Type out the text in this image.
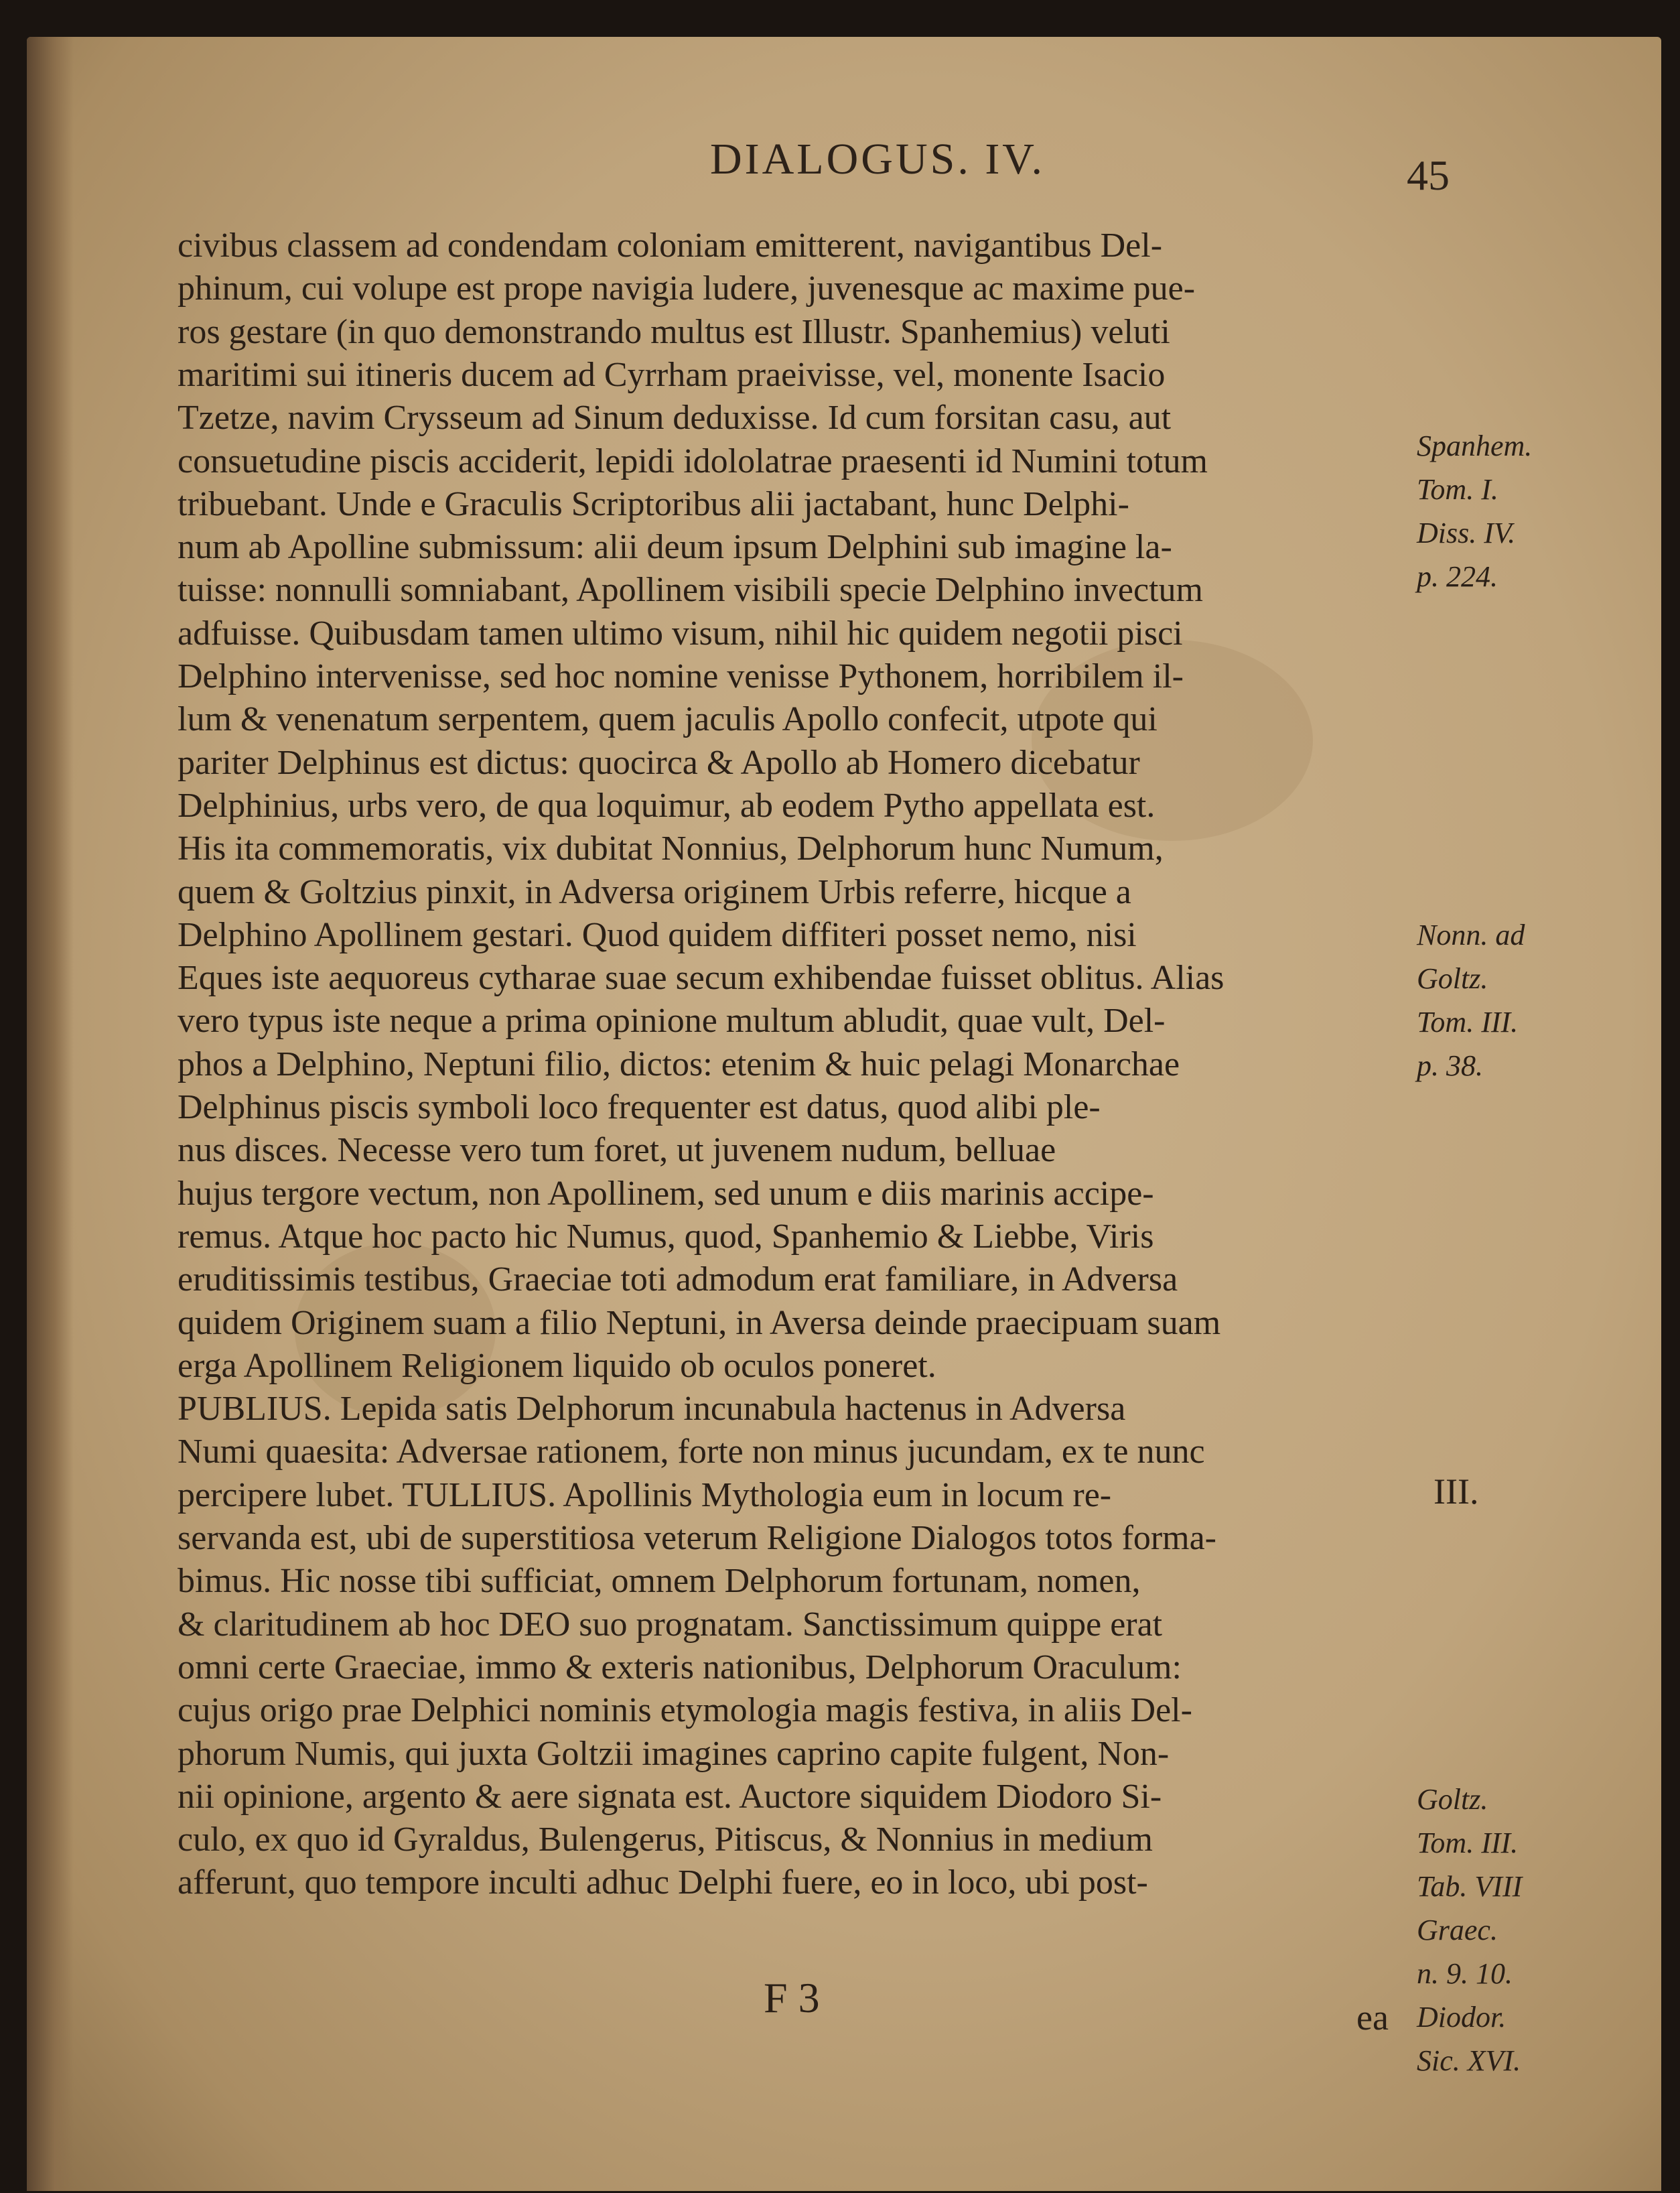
DIALOGUS. IV.	45
civibus classem ad condendam coloniam emitterent, navigantibus Del-
phinum, cui volupe est prope navigia ludere, juvenesque ac maxime pue-
ros gestare (in quo demonstrando multus est Illustr. Spanhemius) veluti
maritimi sui itineris ducem ad Cyrrham praeivisse, vel, monente Isacio
Tzetze, navim Crysseum ad Sinum deduxisse. Id cum forsitan casu, aut
consuetudine piscis acciderit, lepidi idololatrae praesenti id Numini totum
tribuebant. Unde e Graculis Scriptoribus alii jactabant, hunc Delphi-
num ab Apolline submissum: alii deum ipsum Delphini sub imagine la-
tuisse: nonnulli somniabant, Apollinem visibili specie Delphino invectum
adfuisse. Quibusdam tamen ultimo visum, nihil hic quidem negotii pisci
Delphino intervenisse, sed hoc nomine venisse Pythonem, horribilem il-
lum & venenatum serpentem, quem jaculis Apollo confecit, utpote qui
pariter Delphinus est dictus: quocirca & Apollo ab Homero dicebatur
Delphinius, urbs vero, de qua loquimur, ab eodem Pytho appellata est.
His ita commemoratis, vix dubitat Nonnius, Delphorum hunc Numum,
quem & Goltzius pinxit, in Adversa originem Urbis referre, hicque a
Delphino Apollinem gestari. Quod quidem diffiteri posset nemo, nisi
Eques iste aequoreus cytharae suae secum exhibendae fuisset oblitus. Alias
vero typus iste neque a prima opinione multum abludit, quae vult, Del-
phos a Delphino, Neptuni filio, dictos: etenim & huic pelagi Monarchae
Delphinus piscis symboli loco frequenter est datus, quod alibi ple-
nus disces. Necesse vero tum foret, ut juvenem nudum, belluae
hujus tergore vectum, non Apollinem, sed unum e diis marinis accipe-
remus. Atque hoc pacto hic Numus, quod, Spanhemio & Liebbe, Viris
eruditissimis testibus, Graeciae toti admodum erat familiare, in Adversa
quidem Originem suam a filio Neptuni, in Aversa deinde praecipuam suam
erga Apollinem Religionem liquido ob oculos poneret.
PUBLIUS. Lepida satis Delphorum incunabula hactenus in Adversa
Numi quaesita: Adversae rationem, forte non minus jucundam, ex te nunc
percipere lubet. TULLIUS. Apollinis Mythologia eum in locum re-
servanda est, ubi de superstitiosa veterum Religione Dialogos totos forma-
bimus. Hic nosse tibi sufficiat, omnem Delphorum fortunam, nomen,
& claritudinem ab hoc DEO suo prognatam. Sanctissimum quippe erat
omni certe Graeciae, immo & exteris nationibus, Delphorum Oraculum:
cujus origo prae Delphici nominis etymologia magis festiva, in aliis Del-
phorum Numis, qui juxta Goltzii imagines caprino capite fulgent, Non-
nii opinione, argento & aere signata est. Auctore siquidem Diodoro Si-
culo, ex quo id Gyraldus, Bulengerus, Pitiscus, & Nonnius in medium
afferunt, quo tempore inculti adhuc Delphi fuere, eo in loco, ubi post-
Spanhem.
Tom. I.
Diss. IV.
p. 224.
Nonn. ad
Goltz.
Tom. III.
p. 38.
Goltz.
Tom. III.
Tab. VIII
Graec.
n. 9. 10.
Diodor.
Sic. XVI.
III.
F 3	ea
